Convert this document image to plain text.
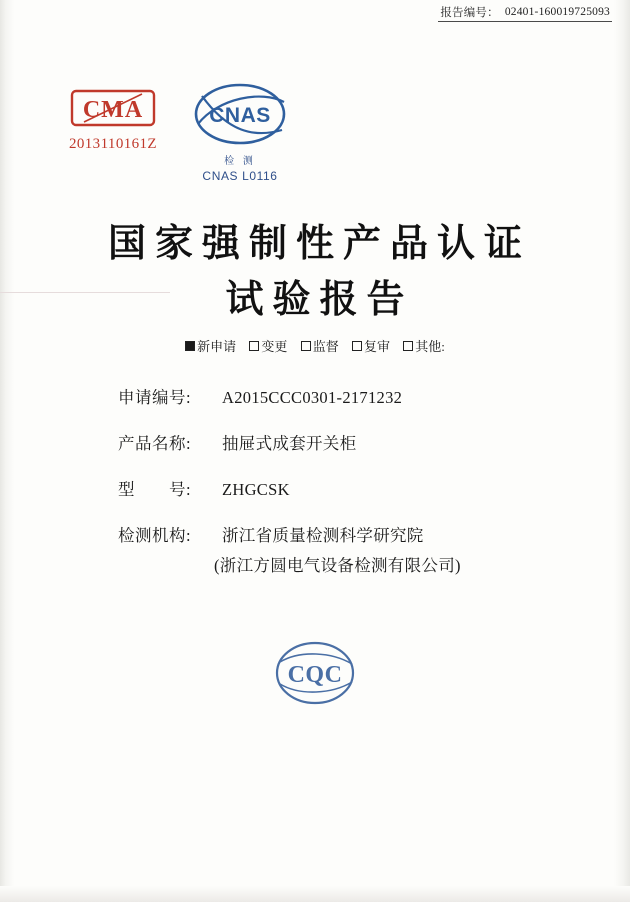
报告编号： 02401-160019725093
CMA
2013110161Z
CNAS
检 测
CNAS L0116
国家强制性产品认证
试验报告
新申请 变更 监督 复审 其他:
申请编号:	A2015CCC0301-2171232
产品名称:	抽屉式成套开关柜
型　　号:	ZHGCSK
检测机构:	浙江省质量检测科学研究院
(浙江方圆电气设备检测有限公司)
CQC
